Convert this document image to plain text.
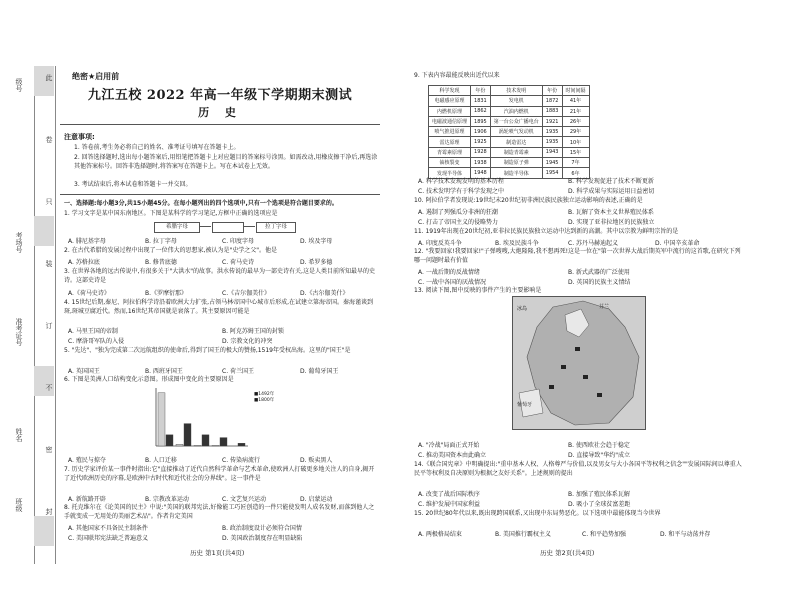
级号
考场号
准考证号
姓名
班级
此
卷
只
装
订
不
密
封
绝密★启用前
九江五校 2022 年高一年级下学期期末测试
历 史
注意事项:
1. 答卷前,考生务必将自己的姓名、准考证号填写在答题卡上。
2. 回答选择题时,选出每小题答案后,用铅笔把答题卡上对应题目的答案标号涂黑。如需改动,用橡皮擦干净后,再选涂其他答案标号。回答非选择题时,将答案写在答题卡上。写在本试卷上无效。
3. 考试结束后,将本试卷和答题卡一并交回。
一、选择题:每小题3分,共15小题45分。在每小题列出的四个选项中,只有一个选项是符合题目要求的。
1. 学习文字是某中国东南地区。下图是某科学的学习笔记,方框中正确的选项应是
希腊字母	拉丁字母
A. 腓尼基字母	B. 拉丁字母	C. 印度字母	D. 埃及字母
2. 在古代希腊的发展过程中出现了一位伟大的思想家,被认为是"史学之父"。他是
A. 苏格拉底	B. 修昔底德	C. 荷马史诗	D. 希罗多德
3. 在世界各地的远古传说中,有很多关于"大洪水"的故事。洪水传说的最早为一部史诗有关,这是人类目前所知最早的史诗。这部史诗是
A.《荷马史诗》	B.《罗摩衍那》	C.《吉尔伽美什》	D.《古尔伽美什》
4. 15世纪后期,秦尼、阿拉伯科学诗沿着欧洲大力扩张,占领马林帝国中心城市后形成,在试建立第海帝国。秦海谨谈到斑,斑城豆腐近代。然而,16世纪其帝国就是衰落了。其主要原因可能是
A. 马里王国的帝制	B. 阿克苏姆王国的封锁
C. 摩洛哥军队的入侵	D. 宗教文化的冲突
5. "先达"、"独为完成第二次远航组织的使命后,得到了国王的极大的赞扬,1519年受权出海。这里的"国王"是
A. 英国国王	B. 西班牙国王	C. 荷兰国王	D. 葡萄牙国王
6. 下图是美洲人口结构变化示意图。形成图中变化的主要原因是
■1492年
■1800年
A. 殖民与掠夺	B. 人口迁移	C. 传染病流行	D. 贩卖黑人
7. 历史学家评价某一事件时指出:它"直接推动了近代自然科学革命与艺术革命,使欧洲人打破更多地关注人的自身,揭开了近代欧洲历史的序幕,是欧洲中古时代和近代社会的分界线"。这一事件是
A. 新航路开辟	B. 宗教改革运动	C. 文艺复兴运动	D. 启蒙运动
8. 托克维尔在《论美国的民主》中说:"美国的联邦宪法,好像能工巧匠创造的一件只能使发明人成名发财,而落到他人之手就变成一无用处的美丽艺术品"。作者肯定美国
A. 其他国家不具备民主制条件	B. 政治制度设计必须符合国情
C. 美国联邦宪法缺乏普遍意义	D. 美国政治制度存在明显缺陷
历史 第1页(共4页)
9. 下表内容最能反映出近代以来
科学发现	年份	技术发明	年份	时间间隔
电磁感应原理	1831	发电机	1872	41年
内燃机原理	1862	汽油内燃机	1883	21年
电磁波通信原理	1895	第一台公众广播电台	1921	26年
喷气推进原理	1906	涡轮喷气发动机	1935	29年
雷达原理	1925	制造雷达	1935	10年
青霉素原理	1928	制造青霉素	1943	15年
铀核裂变	1938	制造原子弹	1945	7年
发现半导体	1948	制造半导体	1954	6年
A. 科学技术发现发明的基本历程	B. 科学发现促进了技术不断更新
C. 技术发明学有于科学发现之中	D. 科学成果与实际运用日益密切
10. 阿拉伯学者发现说:19世纪末20世纪初非洲民族民族独立运动影响的表述,正确的是
A. 遏制了列强瓜分非洲的狂潮	B. 瓦解了资本主义世界殖民体系
C. 打击了帝国主义的侵略势力	D. 实现了亚非拉地区的民族独立
11. 1919年出现在20世纪初,亚非拉民族民族独立运动中达到新的高潮。其中以宗教为鲜明宗旨的是
A. 印度反英斗争	B. 埃及民族斗争	C. 苏丹马赫迪起义	D. 中国辛亥革命
12. "我要回家!我要回家!"子弹嗖嗖,大炮隆隆,我不想再死!这是一位在"第一次世界大战后期英军中流行的这首歌,在研究下列哪一问题时最有价值
A. 一战后期的反战情绪	B. 新式武器的广泛使用
C. 一战中各国的厌战情况	D. 英国的民族主义情结
13. 阅读下图,图中反映的事件产生的主要影响是
芬兰
冰岛
葡萄牙
A. "冷战"局面正式开始	B. 使西欧社会趋于稳定
C. 推动美国资本由此确立	D. 直接导致"华约"成立
14.《联合国宪章》中明确提出:"重申基本人权、人格尊严与价值,以及男女与大小各国平等权利之信念""发展国际间以尊重人民平等权利及自决原则为根据之友好关系"。上述规则的提出
A. 改变了战后国际秩序	B. 加强了殖民体系瓦解
C. 维护发展中国家利益	D. 吸小了全球贫富差距
15. 20世纪80年代以来,既出现跨国联系,又出现中东局势恶化。以下选项中最能体现当今世界
A. 两极格局结束	B. 美国推行霸权主义	C. 和平趋势加强	D. 和平与动荡并存
历史 第2页(共4页)
